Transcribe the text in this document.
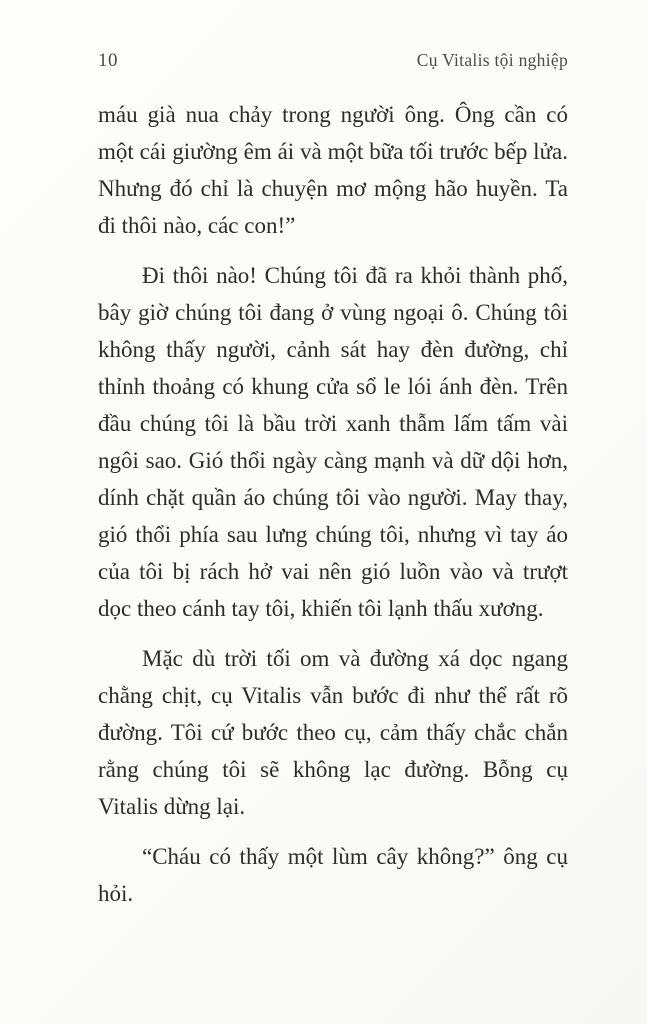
10	Cụ Vitalis tội nghiệp

máu già nua chảy trong người ông. Ông cần có một cái giường êm ái và một bữa tối trước bếp lửa. Nhưng đó chỉ là chuyện mơ mộng hão huyền. Ta đi thôi nào, các con!”

Đi thôi nào! Chúng tôi đã ra khỏi thành phố, bây giờ chúng tôi đang ở vùng ngoại ô. Chúng tôi không thấy người, cảnh sát hay đèn đường, chỉ thỉnh thoảng có khung cửa sổ le lói ánh đèn. Trên đầu chúng tôi là bầu trời xanh thẫm lấm tấm vài ngôi sao. Gió thổi ngày càng mạnh và dữ dội hơn, dính chặt quần áo chúng tôi vào người. May thay, gió thổi phía sau lưng chúng tôi, nhưng vì tay áo của tôi bị rách hở vai nên gió luồn vào và trượt dọc theo cánh tay tôi, khiến tôi lạnh thấu xương.

Mặc dù trời tối om và đường xá dọc ngang chằng chịt, cụ Vitalis vẫn bước đi như thể rất rõ đường. Tôi cứ bước theo cụ, cảm thấy chắc chắn rằng chúng tôi sẽ không lạc đường. Bỗng cụ Vitalis dừng lại.

“Cháu có thấy một lùm cây không?” ông cụ hỏi.
